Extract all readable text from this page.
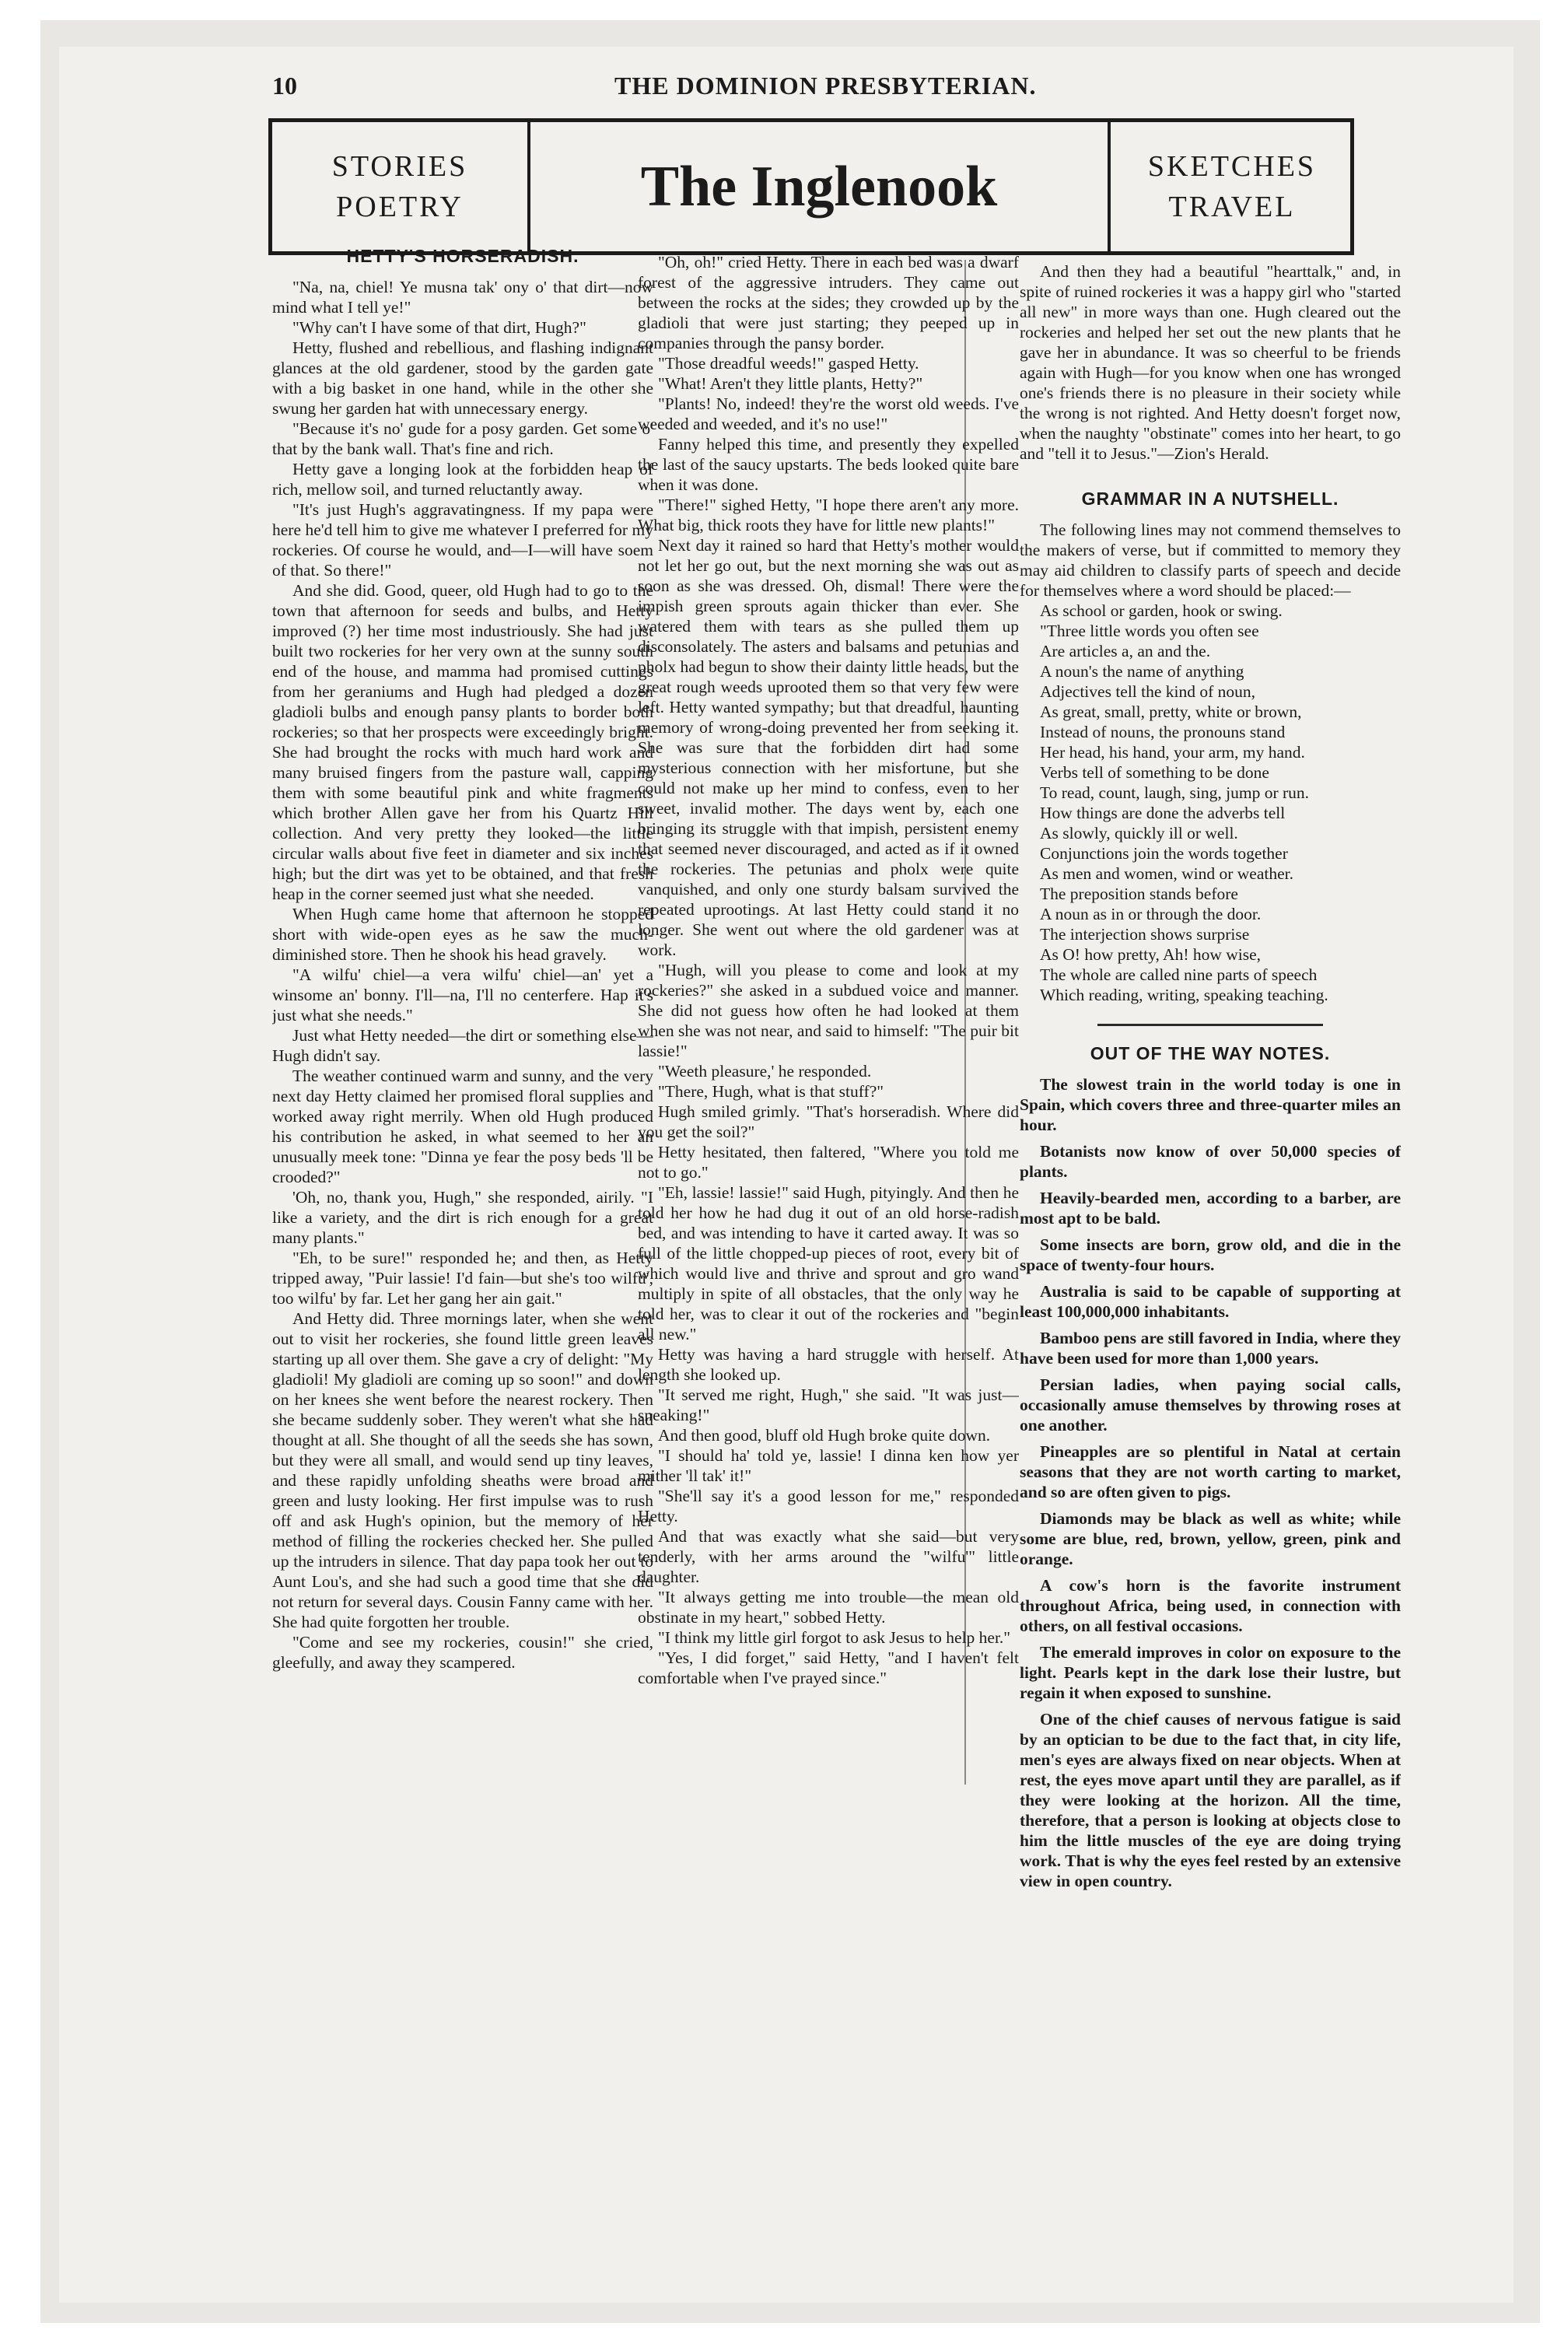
10	THE DOMINION PRESBYTERIAN.
STORIES
POETRY	The Inglenook	SKETCHES
TRAVEL
HETTY'S HORSERADISH.

"Na, na, chiel! Ye musna tak' ony o' that dirt—now mind what I tell ye!"

"Why can't I have some of that dirt, Hugh?"

Hetty, flushed and rebellious, and flashing indignant glances at the old gardener, stood by the garden gate with a big basket in one hand, while in the other she swung her garden hat with unnecessary energy.

"Because it's no' gude for a posy garden. Get some o' that by the bank wall. That's fine and rich.

Hetty gave a longing look at the forbidden heap of rich, mellow soil, and turned reluctantly away.

"It's just Hugh's aggravatingness. If my papa were here he'd tell him to give me whatever I preferred for my rockeries. Of course he would, and—I—will have soem of that. So there!"

And she did. Good, queer, old Hugh had to go to the town that afternoon for seeds and bulbs, and Hetty improved (?) her time most industriously. She had just built two rockeries for her very own at the sunny south end of the house, and mamma had promised cuttings from her geraniums and Hugh had pledged a dozen gladioli bulbs and enough pansy plants to border both rockeries; so that her prospects were exceedingly bright. She had brought the rocks with much hard work and many bruised fingers from the pasture wall, capping them with some beautiful pink and white fragments which brother Allen gave her from his Quartz Hill collection. And very pretty they looked—the little circular walls about five feet in diameter and six inches high; but the dirt was yet to be obtained, and that fresh heap in the corner seemed just what she needed.

When Hugh came home that afternoon he stopped short with wide-open eyes as he saw the much-diminished store. Then he shook his head gravely.

"A wilfu' chiel—a vera wilfu' chiel—an' yet a winsome an' bonny. I'll—na, I'll no centerfere. Hap it's just what she needs."

Just what Hetty needed—the dirt or something else—Hugh didn't say.

The weather continued warm and sunny, and the very next day Hetty claimed her promised floral supplies and worked away right merrily. When old Hugh produced his contribution he asked, in what seemed to her an unusually meek tone: "Dinna ye fear the posy beds 'll be crooded?"

'Oh, no, thank you, Hugh," she responded, airily. "I like a variety, and the dirt is rich enough for a great many plants."

"Eh, to be sure!" responded he; and then, as Hetty tripped away, "Puir lassie! I'd fain—but she's too wilfu', too wilfu' by far. Let her gang her ain gait."

And Hetty did. Three mornings later, when she went out to visit her rockeries, she found little green leaves starting up all over them. She gave a cry of delight: "My gladioli! My gladioli are coming up so soon!" and down on her knees she went before the nearest rockery. Then she became suddenly sober. They weren't what she had thought at all. She thought of all the seeds she has sown, but they were all small, and would send up tiny leaves, and these rapidly unfolding sheaths were broad and green and lusty looking. Her first impulse was to rush off and ask Hugh's opinion, but the memory of her method of filling the rockeries checked her. She pulled up the intruders in silence. That day papa took her out to Aunt Lou's, and she had such a good time that she did not return for several days. Cousin Fanny came with her. She had quite forgotten her trouble.

"Come and see my rockeries, cousin!" she cried, gleefully, and away they scampered.

"Oh, oh!" cried Hetty. There in each bed was a dwarf forest of the aggressive intruders. They came out between the rocks at the sides; they crowded up by the gladioli that were just starting; they peeped up in companies through the pansy border.

"Those dreadful weeds!" gasped Hetty.

"What! Aren't they little plants, Hetty?"

"Plants! No, indeed! they're the worst old weeds. I've weeded and weeded, and it's no use!"

Fanny helped this time, and presently they expelled the last of the saucy upstarts. The beds looked quite bare when it was done.

"There!" sighed Hetty, "I hope there aren't any more. What big, thick roots they have for little new plants!"

Next day it rained so hard that Hetty's mother would not let her go out, but the next morning she was out as soon as she was dressed. Oh, dismal! There were the impish green sprouts again thicker than ever. She watered them with tears as she pulled them up disconsolately. The asters and balsams and petunias and pholx had begun to show their dainty little heads, but the great rough weeds uprooted them so that very few were left. Hetty wanted sympathy; but that dreadful, haunting memory of wrong-doing prevented her from seeking it. She was sure that the forbidden dirt had some mysterious connection with her misfortune, but she could not make up her mind to confess, even to her sweet, invalid mother. The days went by, each one bringing its struggle with that impish, persistent enemy that seemed never discouraged, and acted as if it owned the rockeries. The petunias and pholx were quite vanquished, and only one sturdy balsam survived the repeated uprootings. At last Hetty could stand it no longer. She went out where the old gardener was at work.

"Hugh, will you please to come and look at my rockeries?" she asked in a subdued voice and manner. She did not guess how often he had looked at them when she was not near, and said to himself: "The puir bit lassie!"

"Weeth pleasure,' he responded.

"There, Hugh, what is that stuff?"

Hugh smiled grimly. "That's horseradish. Where did you get the soil?"

Hetty hesitated, then faltered, "Where you told me not to go."

"Eh, lassie! lassie!" said Hugh, pityingly. And then he told her how he had dug it out of an old horse-radish bed, and was intending to have it carted away. It was so full of the little chopped-up pieces of root, every bit of which would live and thrive and sprout and gro wand multiply in spite of all obstacles, that the only way he told her, was to clear it out of the rockeries and "begin all new."

Hetty was having a hard struggle with herself. At length she looked up.

"It served me right, Hugh," she said. "It was just—sneaking!"

And then good, bluff old Hugh broke quite down.

"I should ha' told ye, lassie! I dinna ken how yer mither 'll tak' it!"

"She'll say it's a good lesson for me," responded Hetty.

And that was exactly what she said—but very tenderly, with her arms around the "wilfu'" little daughter.

"It always getting me into trouble—the mean old obstinate in my heart," sobbed Hetty.

"I think my little girl forgot to ask Jesus to help her."

"Yes, I did forget," said Hetty, "and I haven't felt comfortable when I've prayed since."

And then they had a beautiful "hearttalk," and, in spite of ruined rockeries it was a happy girl who "started all new" in more ways than one. Hugh cleared out the rockeries and helped her set out the new plants that he gave her in abundance. It was so cheerful to be friends again with Hugh—for you know when one has wronged one's friends there is no pleasure in their society while the wrong is not righted. And Hetty doesn't forget now, when the naughty "obstinate" comes into her heart, to go and "tell it to Jesus."—Zion's Herald.

GRAMMAR IN A NUTSHELL.

The following lines may not commend themselves to the makers of verse, but if committed to memory they may aid children to classify parts of speech and decide for themselves where a word should be placed:—

As school or garden, hook or swing.

"Three little words you often see

Are articles a, an and the.

A noun's the name of anything

Adjectives tell the kind of noun,

As great, small, pretty, white or brown,

Instead of nouns, the pronouns stand

Her head, his hand, your arm, my hand.

Verbs tell of something to be done

To read, count, laugh, sing, jump or run.

How things are done the adverbs tell

As slowly, quickly ill or well.

Conjunctions join the words together

As men and women, wind or weather.

The preposition stands before

A noun as in or through the door.

The interjection shows surprise

As O! how pretty, Ah! how wise,

The whole are called nine parts of speech

Which reading, writing, speaking teaching.

OUT OF THE WAY NOTES.

The slowest train in the world today is one in Spain, which covers three and three-quarter miles an hour.

Botanists now know of over 50,000 species of plants.

Heavily-bearded men, according to a barber, are most apt to be bald.

Some insects are born, grow old, and die in the space of twenty-four hours.

Australia is said to be capable of supporting at least 100,000,000 inhabitants.

Bamboo pens are still favored in India, where they have been used for more than 1,000 years.

Persian ladies, when paying social calls, occasionally amuse themselves by throwing roses at one another.

Pineapples are so plentiful in Natal at certain seasons that they are not worth carting to market, and so are often given to pigs.

Diamonds may be black as well as white; while some are blue, red, brown, yellow, green, pink and orange.

A cow's horn is the favorite instrument throughout Africa, being used, in connection with others, on all festival occasions.

The emerald improves in color on exposure to the light. Pearls kept in the dark lose their lustre, but regain it when exposed to sunshine.

One of the chief causes of nervous fatigue is said by an optician to be due to the fact that, in city life, men's eyes are always fixed on near objects. When at rest, the eyes move apart until they are parallel, as if they were looking at the horizon. All the time, therefore, that a person is looking at objects close to him the little muscles of the eye are doing trying work. That is why the eyes feel rested by an extensive view in open country.
